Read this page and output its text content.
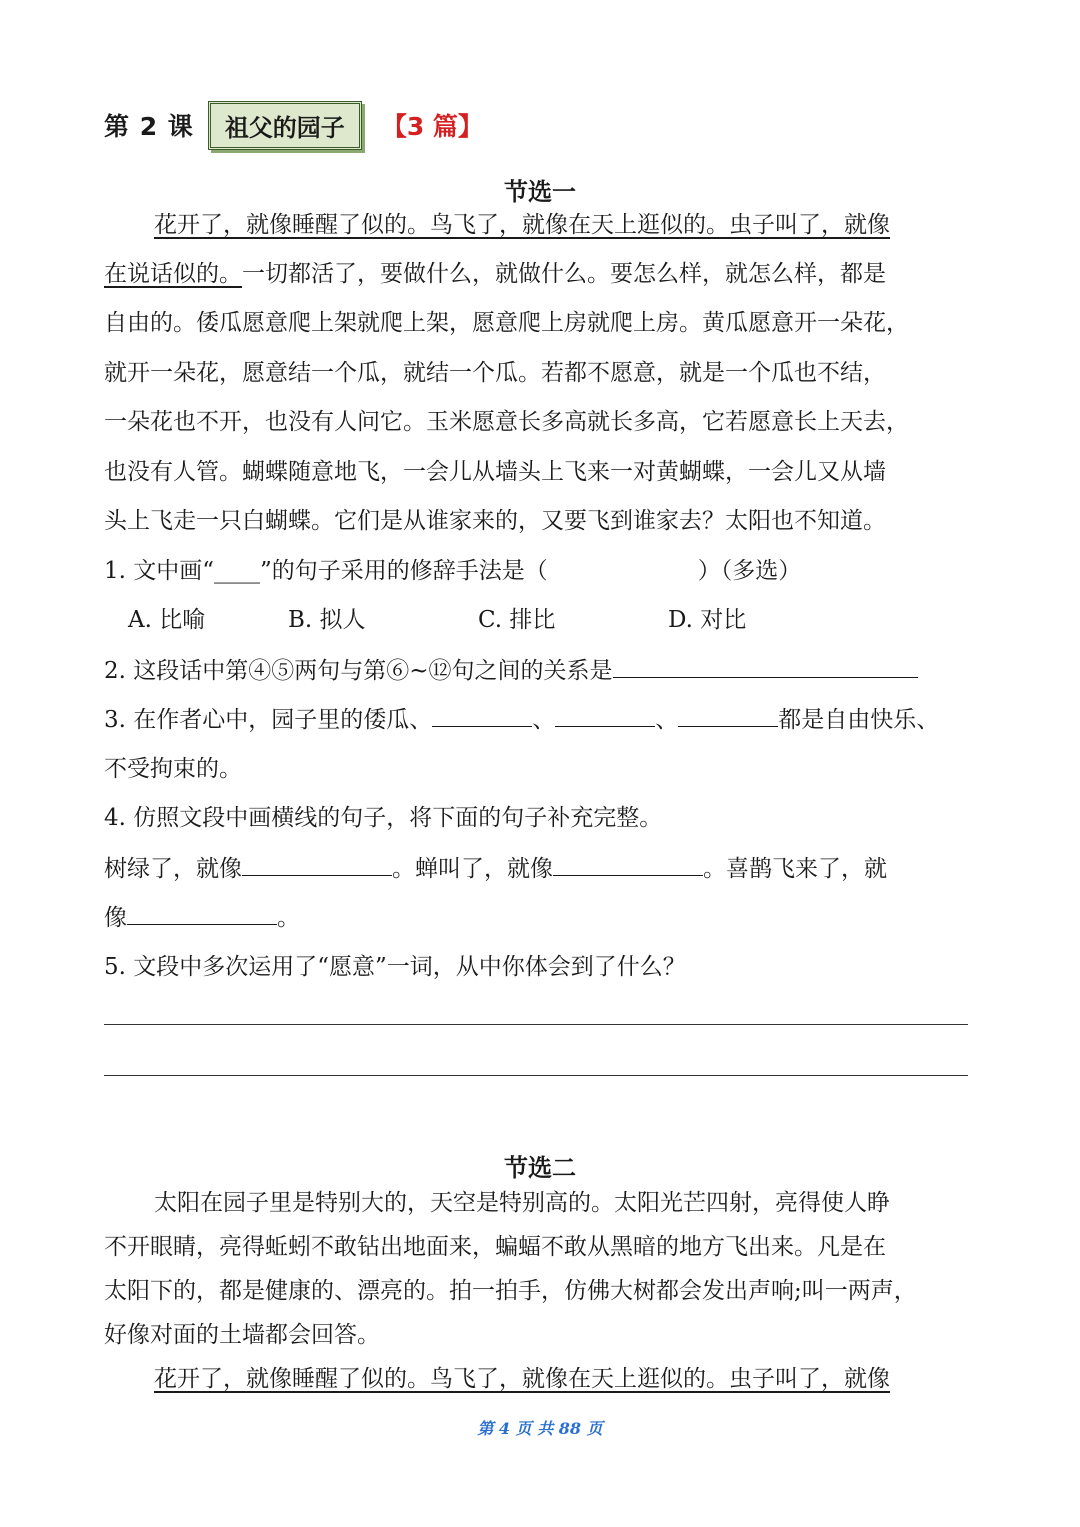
第 2 课	祖父的园子	【3 篇】
节选一
花开了，就像睡醒了似的。鸟飞了，就像在天上逛似的。虫子叫了，就像
在说话似的。一切都活了，要做什么，就做什么。要怎么样，就怎么样，都是
自由的。倭瓜愿意爬上架就爬上架，愿意爬上房就爬上房。黄瓜愿意开一朵花，
就开一朵花，愿意结一个瓜，就结一个瓜。若都不愿意，就是一个瓜也不结，
一朵花也不开，也没有人问它。玉米愿意长多高就长多高，它若愿意长上天去，
也没有人管。蝴蝶随意地飞，一会儿从墙头上飞来一对黄蝴蝶，一会儿又从墙
头上飞走一只白蝴蝶。它们是从谁家来的，又要飞到谁家去？太阳也不知道。
1. 文中画“____”的句子采用的修辞手法是（	）（多选）
A. 比喻	B. 拟人	C. 排比	D. 对比
2. 这段话中第④⑤两句与第⑥~⑫句之间的关系是
3. 在作者心中，园子里的倭瓜、	、	、	都是自由快乐、
不受拘束的。
4. 仿照文段中画横线的句子，将下面的句子补充完整。
树绿了，就像	。蝉叫了，就像	。喜鹊飞来了，就
像	。
5. 文段中多次运用了“愿意”一词，从中你体会到了什么？
节选二
太阳在园子里是特别大的，天空是特别高的。太阳光芒四射，亮得使人睁
不开眼睛，亮得蚯蚓不敢钻出地面来，蝙蝠不敢从黑暗的地方飞出来。凡是在
太阳下的，都是健康的、漂亮的。拍一拍手，仿佛大树都会发出声响;叫一两声，
好像对面的土墙都会回答。
花开了，就像睡醒了似的。鸟飞了，就像在天上逛似的。虫子叫了，就像
第 4 页 共 88 页
